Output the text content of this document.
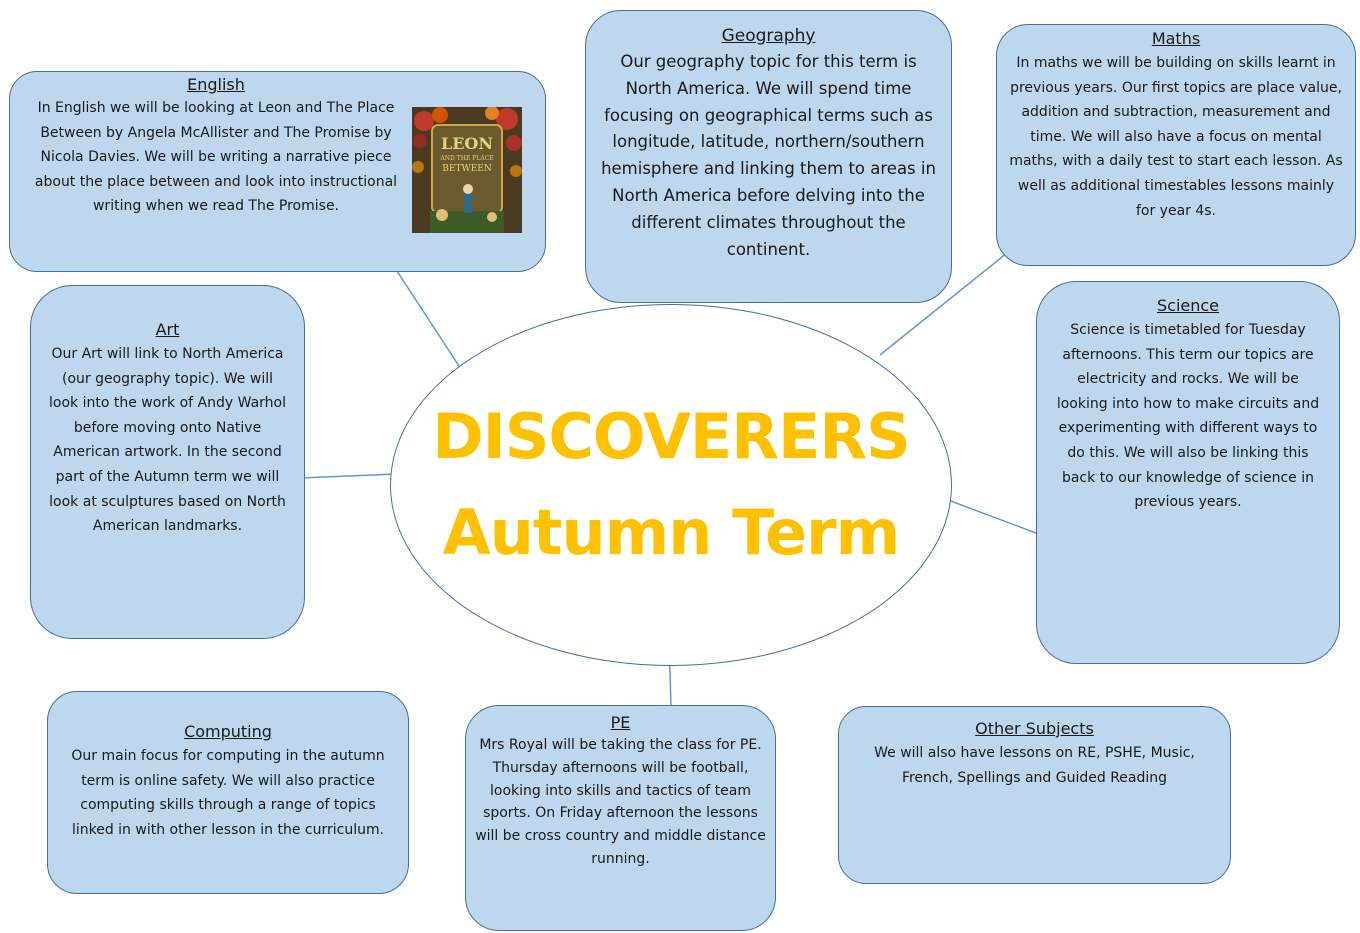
DISCOVERERS
Autumn Term
English
In English we will be looking at Leon and The Place Between by Angela McAllister and The Promise by Nicola Davies. We will be writing a narrative piece about the place between and look into instructional writing when we read The Promise.
LEON
AND THE PLACE
BETWEEN
Geography
Our geography topic for this term is North America. We will spend time focusing on geographical terms such as longitude, latitude, northern/southern hemisphere and linking them to areas in North America before delving into the different climates throughout the continent.
Maths
In maths we will be building on skills learnt in previous years. Our first topics are place value, addition and subtraction, measurement and time. We will also have a focus on mental maths, with a daily test to start each lesson. As well as additional timestables lessons mainly for year 4s.
Art
Our Art will link to North America (our geography topic). We will look into the work of Andy Warhol before moving onto Native American artwork. In the second part of the Autumn term we will look at sculptures based on North American landmarks.
Science
Science is timetabled for Tuesday afternoons. This term our topics are electricity and rocks. We will be looking into how to make circuits and experimenting with different ways to do this. We will also be linking this back to our knowledge of science in previous years.
Computing
Our main focus for computing in the autumn term is online safety. We will also practice computing skills through a range of topics linked in with other lesson in the curriculum.
PE
Mrs Royal will be taking the class for PE. Thursday afternoons will be football, looking into skills and tactics of team sports. On Friday afternoon the lessons will be cross country and middle distance running.
Other Subjects
We will also have lessons on RE, PSHE, Music, French, Spellings and Guided Reading
